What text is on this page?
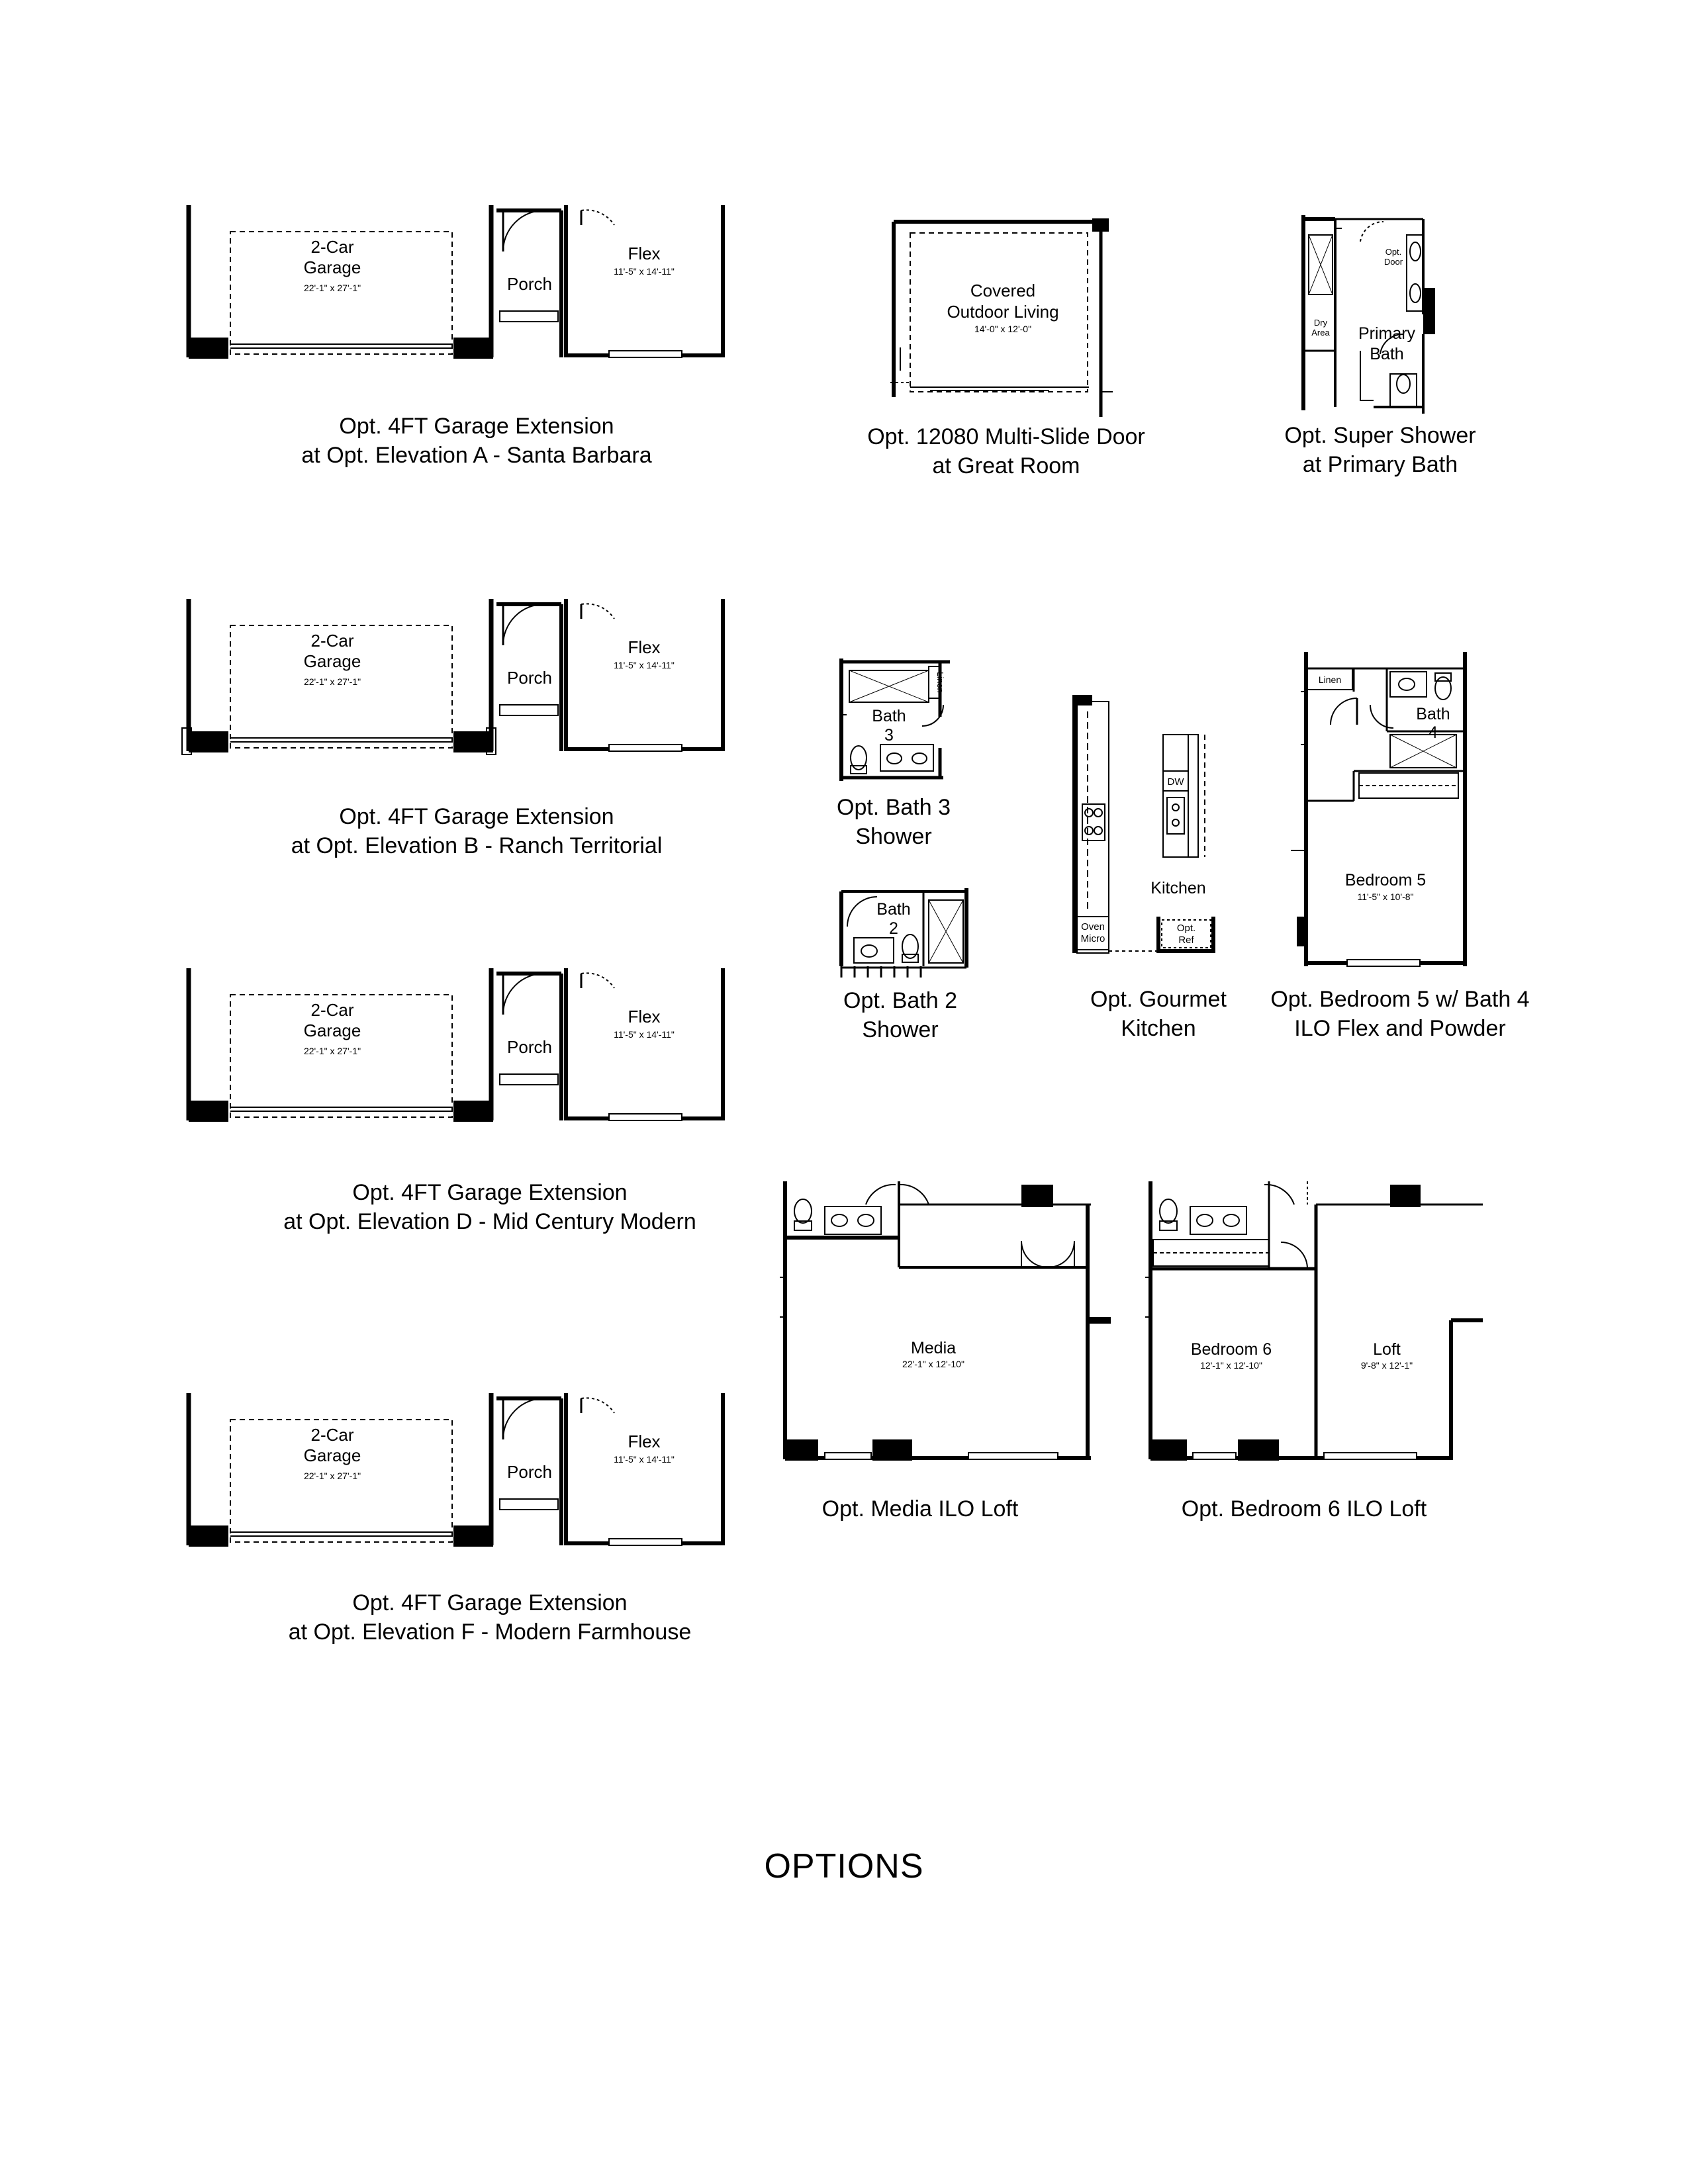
2-Car
Garage
22'-1" x 27'-1"	Porch
Flex
11'-5" x 14'-11"
2-Car
Garage
22'-1" x 27'-1"	Porch
Flex
11'-5" x 14'-11"
2-Car
Garage
22'-1" x 27'-1"	Porch
Flex
11'-5" x 14'-11"
2-Car
Garage
22'-1" x 27'-1"	Porch
Flex
11'-5" x 14'-11"
Covered
Outdoor Living
14'-0" x 12'-0"
Dry
Area
Opt.
Door
Primary
Bath
Linen
Bath
3
Bath
2	Oven
Micro
DW
Opt.
Ref
Kitchen
Linen
Bath
4
Bedroom 5
11'-5" x 10'-8"
Media
22'-1" x 12'-10"
Bedroom 6
12'-1" x 12'-10"
Loft
9'-8" x 12'-1"
Opt. 4FT Garage Extension
at Opt. Elevation A - Santa Barbara
Opt. 4FT Garage Extension
at Opt. Elevation B - Ranch Territorial
Opt. 4FT Garage Extension
at Opt. Elevation D - Mid Century Modern
Opt. 4FT Garage Extension
at Opt. Elevation F - Modern Farmhouse
Opt. 12080 Multi-Slide Door
at Great Room
Opt. Super Shower
at Primary Bath
Opt. Bath 3
Shower
Opt. Bath 2
Shower
Opt. Gourmet
Kitchen
Opt. Bedroom 5 w/ Bath 4
ILO Flex and Powder
Opt. Media ILO Loft	Opt. Bedroom 6 ILO Loft
OPTIONS
